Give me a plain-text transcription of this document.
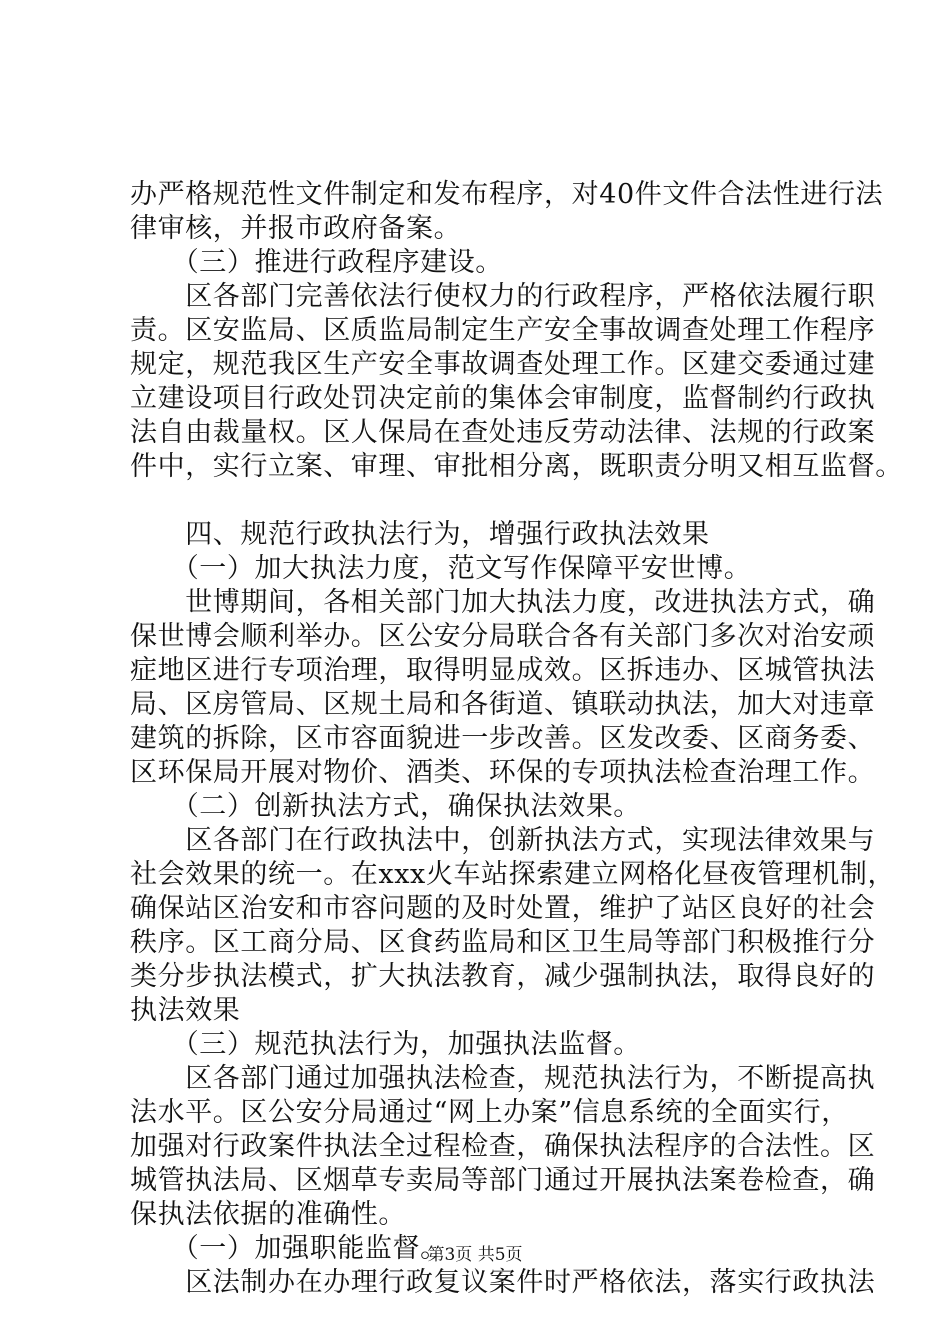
办严格规范性文件制定和发布程序，对40件文件合法性进行法
律审核，并报市政府备案。
　　（三）推进行政程序建设。
　　区各部门完善依法行使权力的行政程序，严格依法履行职
责。区安监局、区质监局制定生产安全事故调查处理工作程序
规定，规范我区生产安全事故调查处理工作。区建交委通过建
立建设项目行政处罚决定前的集体会审制度，监督制约行政执
法自由裁量权。区人保局在查处违反劳动法律、法规的行政案
件中，实行立案、审理、审批相分离，既职责分明又相互监督。
　　四、规范行政执法行为，增强行政执法效果
　　（一）加大执法力度，范文写作保障平安世博。
　　世博期间，各相关部门加大执法力度，改进执法方式，确
保世博会顺利举办。区公安分局联合各有关部门多次对治安顽
症地区进行专项治理，取得明显成效。区拆违办、区城管执法
局、区房管局、区规土局和各街道、镇联动执法，加大对违章
建筑的拆除，区市容面貌进一步改善。区发改委、区商务委、
区环保局开展对物价、酒类、环保的专项执法检查治理工作。
　　（二）创新执法方式，确保执法效果。
　　区各部门在行政执法中，创新执法方式，实现法律效果与
社会效果的统一。在xxx火车站探索建立网格化昼夜管理机制，
确保站区治安和市容问题的及时处置，维护了站区良好的社会
秩序。区工商分局、区食药监局和区卫生局等部门积极推行分
类分步执法模式，扩大执法教育，减少强制执法，取得良好的
执法效果
　　（三）规范执法行为，加强执法监督。
　　区各部门通过加强执法检查，规范执法行为，不断提高执
法水平。区公安分局通过“网上办案”信息系统的全面实行，
加强对行政案件执法全过程检查，确保执法程序的合法性。区
城管执法局、区烟草专卖局等部门通过开展执法案卷检查，确
保执法依据的准确性。
　　（一）加强职能监督。
　　区法制办在办理行政复议案件时严格依法，落实行政执法
第3页 共5页
